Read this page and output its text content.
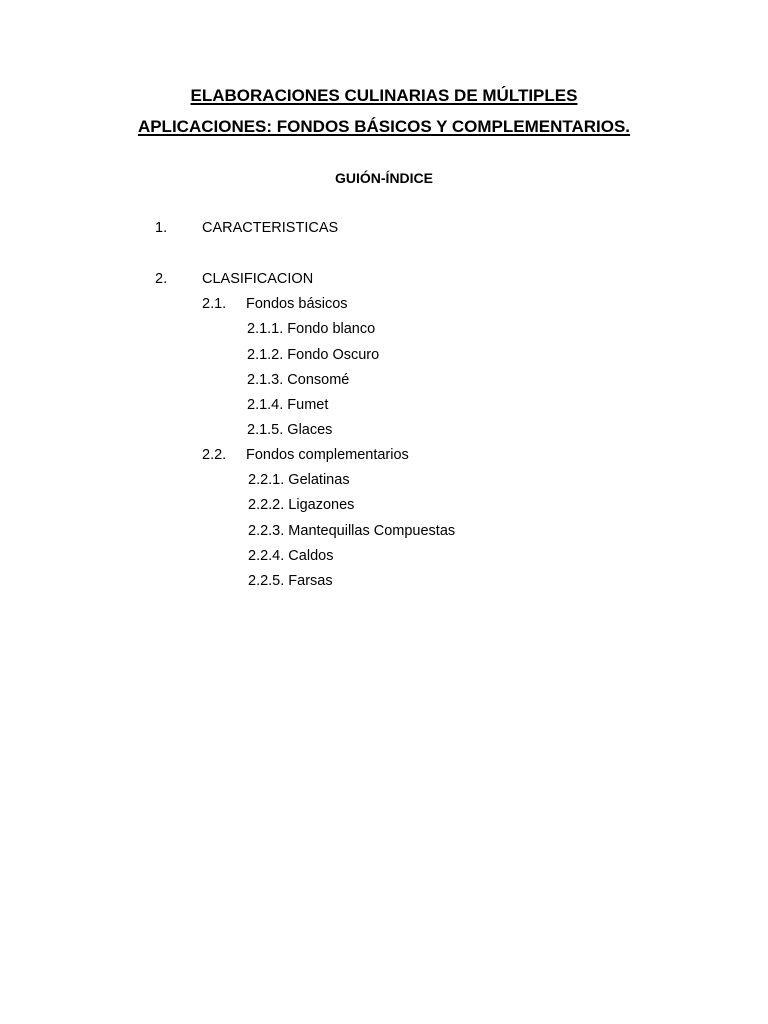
ELABORACIONES CULINARIAS DE MÚLTIPLES
APLICACIONES: FONDOS BÁSICOS Y COMPLEMENTARIOS.
GUIÓN-ÍNDICE
1. CARACTERISTICAS
2. CLASIFICACION
2.1. Fondos básicos
2.1.1. Fondo blanco
2.1.2. Fondo Oscuro
2.1.3. Consomé
2.1.4. Fumet
2.1.5. Glaces
2.2. Fondos complementarios
2.2.1. Gelatinas
2.2.2. Ligazones
2.2.3. Mantequillas Compuestas
2.2.4. Caldos
2.2.5. Farsas
